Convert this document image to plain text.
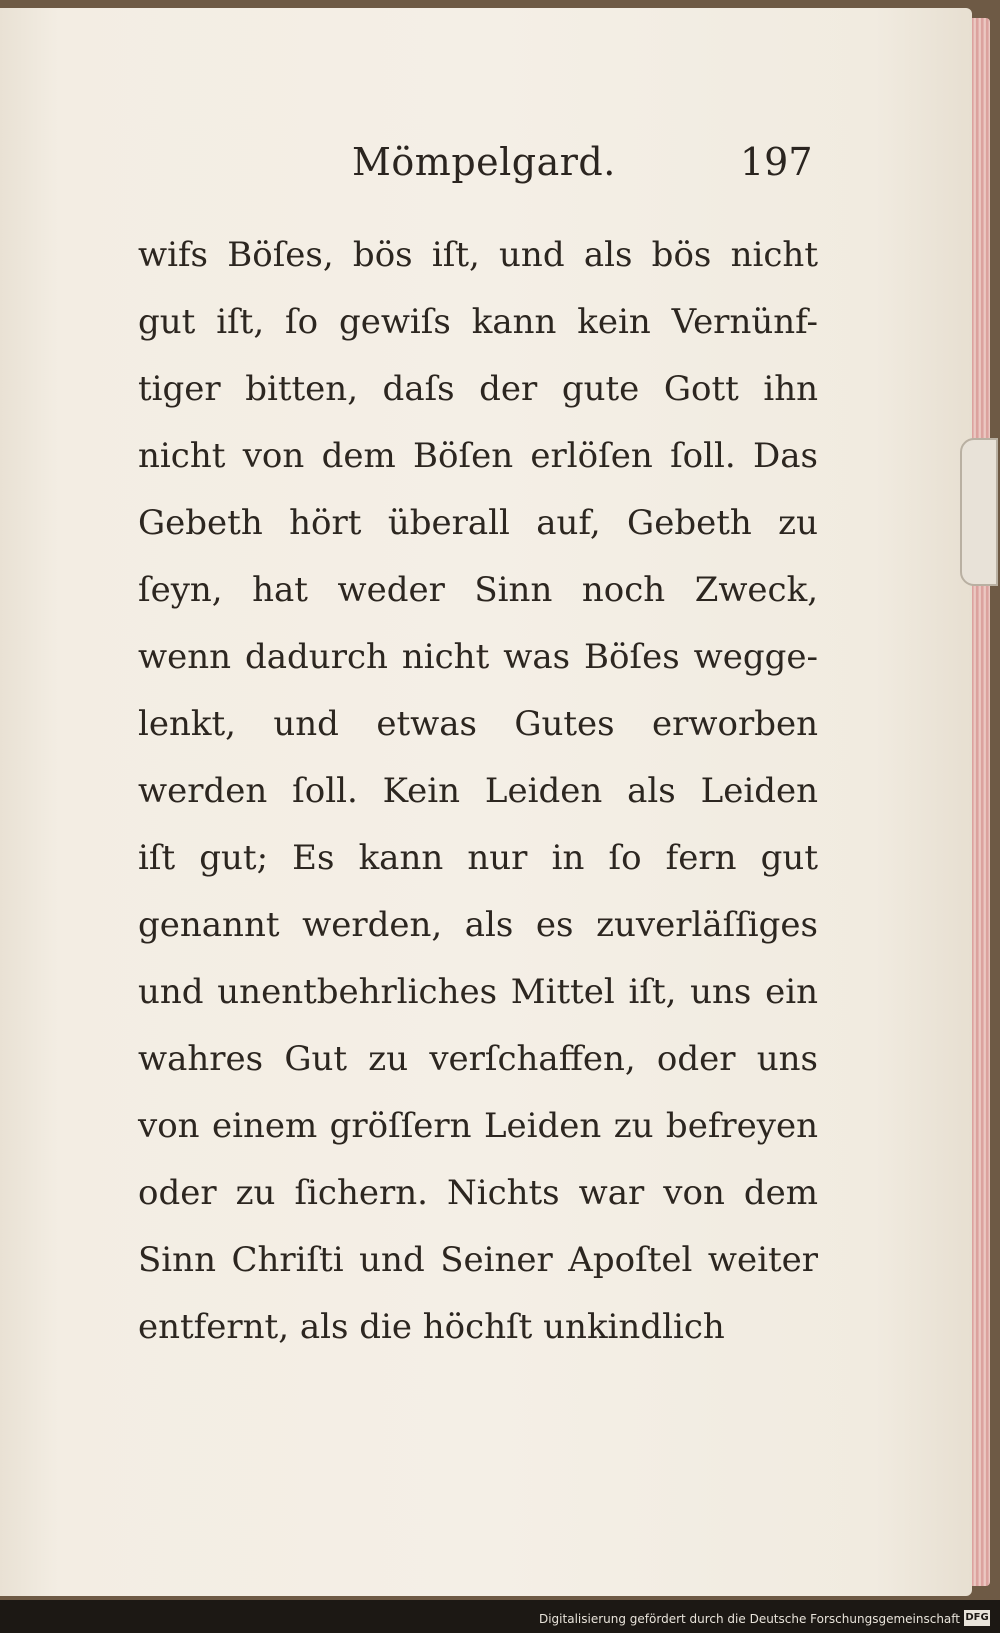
Mömpelgard.	197
wifs Böſes, bös iſt, und als bös nicht
gut iſt, ſo gewiſs kann kein Vernünf-
tiger bitten, daſs der gute Gott ihn
nicht von dem Böſen erlöſen ſoll. Das
Gebeth hört überall auf, Gebeth zu
ſeyn, hat weder Sinn noch Zweck,
wenn dadurch nicht was Böſes wegge-
lenkt, und etwas Gutes erworben
werden ſoll. Kein Leiden als Leiden
iſt gut; Es kann nur in ſo fern gut
genannt werden, als es zuverläſſiges
und unentbehrliches Mittel iſt, uns ein
wahres Gut zu verſchaffen, oder uns
von einem gröſſern Leiden zu befreyen
oder zu ſichern. Nichts war von dem
Sinn Chriſti und Seiner Apoſtel weiter
entfernt, als die höchſt unkindlich
Digitalisierung gefördert durch die Deutsche Forschungsgemeinschaft DFG
